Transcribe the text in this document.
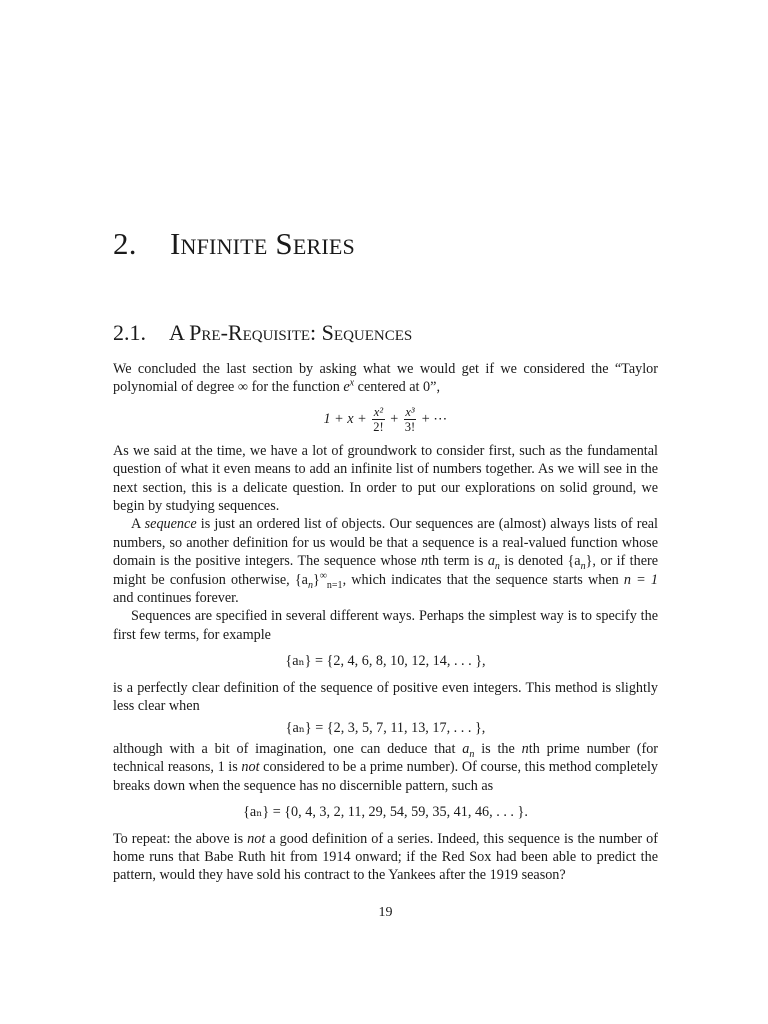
2. Infinite Series
2.1. A Pre-Requisite: Sequences

We concluded the last section by asking what we would get if we considered the “Taylor polynomial of degree ∞ for the function $e^x$ centered at 0”,

$1 + x + \frac{\text{x²}}{2!} + \frac{\text{x³}}{3!}$ + ⋯

As we said at the time, we have a lot of groundwork to consider first, such as the fundamental question of what it even means to add an infinite list of numbers together. As we will see in the next section, this is a delicate question. In order to put our explorations on solid ground, we begin by studying sequences.

A sequence is just an ordered list of objects. Our sequences are (almost) always lists of real numbers, so another definition for us would be that a sequence is a real-valued function whose domain is the positive integers. The sequence whose nth term is $a_n$ is denoted $\{a_n\}$, or if there might be confusion otherwise, $\{a_n\}^\infty_{n=1}$, which indicates that the sequence starts when n = 1 and continues forever.

Sequences are specified in several different ways. Perhaps the simplest way is to specify the first few terms, for example

{aₙ} = {2, 4, 6, 8, 10, 12, 14, . . . },

is a perfectly clear definition of the sequence of positive even integers. This method is slightly less clear when

{aₙ} = {2, 3, 5, 7, 11, 13, 17, . . . },

although with a bit of imagination, one can deduce that $a_n$ is the nth prime number (for technical reasons, 1 is not considered to be a prime number). Of course, this method completely breaks down when the sequence has no discernible pattern, such as

{aₙ} = {0, 4, 3, 2, 11, 29, 54, 59, 35, 41, 46, . . . }.

To repeat: the above is not a good definition of a series. Indeed, this sequence is the number of home runs that Babe Ruth hit from 1914 onward; if the Red Sox had been able to predict the pattern, would they have sold his contract to the Yankees after the 1919 season?

19
